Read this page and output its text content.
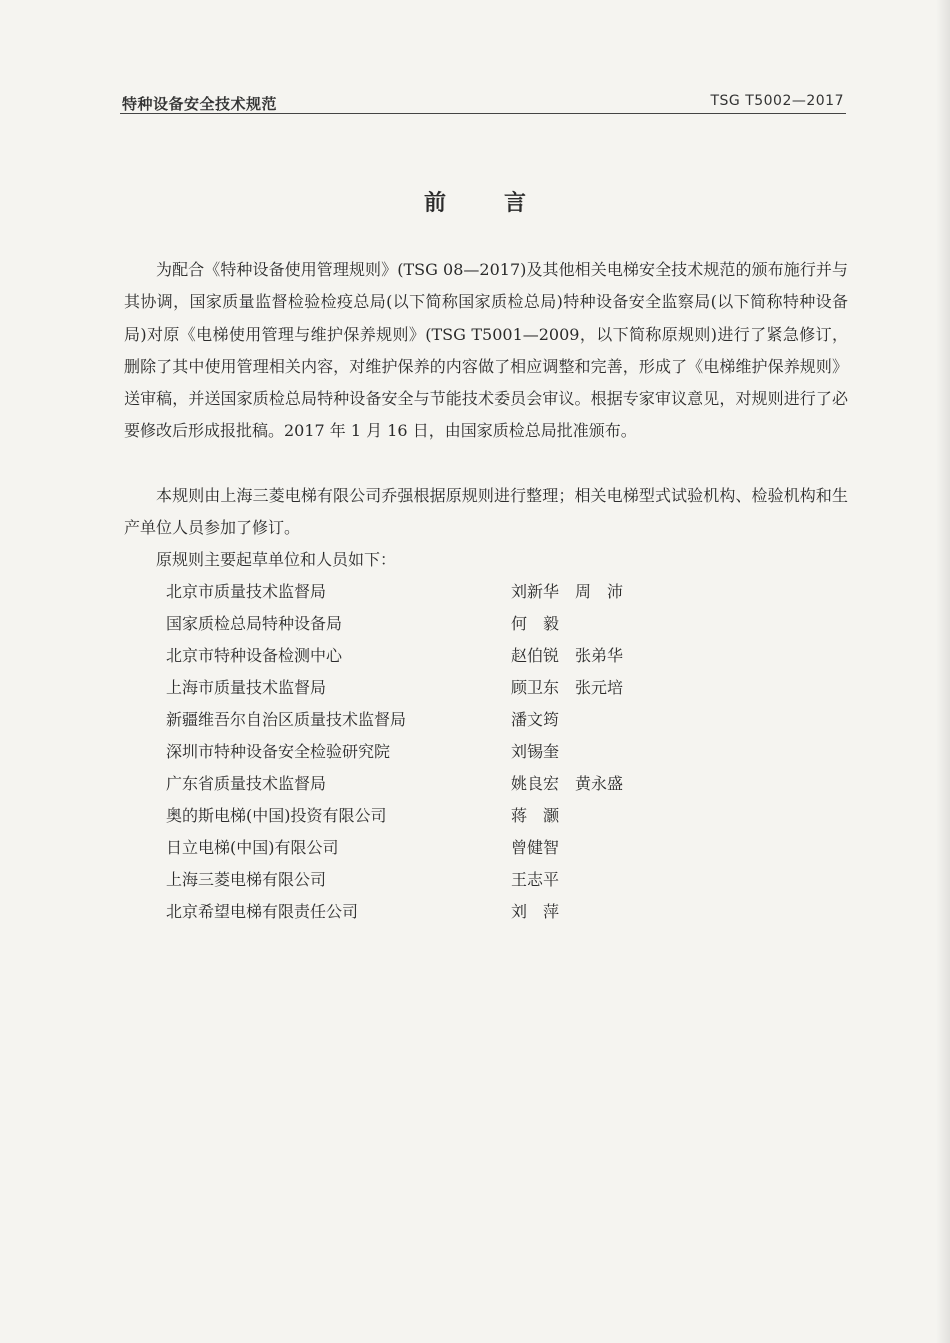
特种设备安全技术规范	TSG T5002—2017
前	言

为配合《特种设备使用管理规则》(TSG 08—2017)及其他相关电梯安全技术规范的颁布施行并与其协调，国家质量监督检验检疫总局(以下简称国家质检总局)特种设备安全监察局(以下简称特种设备局)对原《电梯使用管理与维护保养规则》(TSG T5001—2009，以下简称原规则)进行了紧急修订，删除了其中使用管理相关内容，对维护保养的内容做了相应调整和完善，形成了《电梯维护保养规则》送审稿，并送国家质检总局特种设备安全与节能技术委员会审议。根据专家审议意见，对规则进行了必要修改后形成报批稿。2017 年 1 月 16 日，由国家质检总局批准颁布。

本规则由上海三菱电梯有限公司乔强根据原规则进行整理；相关电梯型式试验机构、检验机构和生产单位人员参加了修订。

原规则主要起草单位和人员如下：

北京市质量技术监督局	刘新华　周　沛
国家质检总局特种设备局	何　毅
北京市特种设备检测中心	赵伯锐　张弟华
上海市质量技术监督局	顾卫东　张元培
新疆维吾尔自治区质量技术监督局	潘文筠
深圳市特种设备安全检验研究院	刘锡奎
广东省质量技术监督局	姚良宏　黄永盛
奥的斯电梯(中国)投资有限公司	蒋　灏
日立电梯(中国)有限公司	曾健智
上海三菱电梯有限公司	王志平
北京希望电梯有限责任公司	刘　萍
